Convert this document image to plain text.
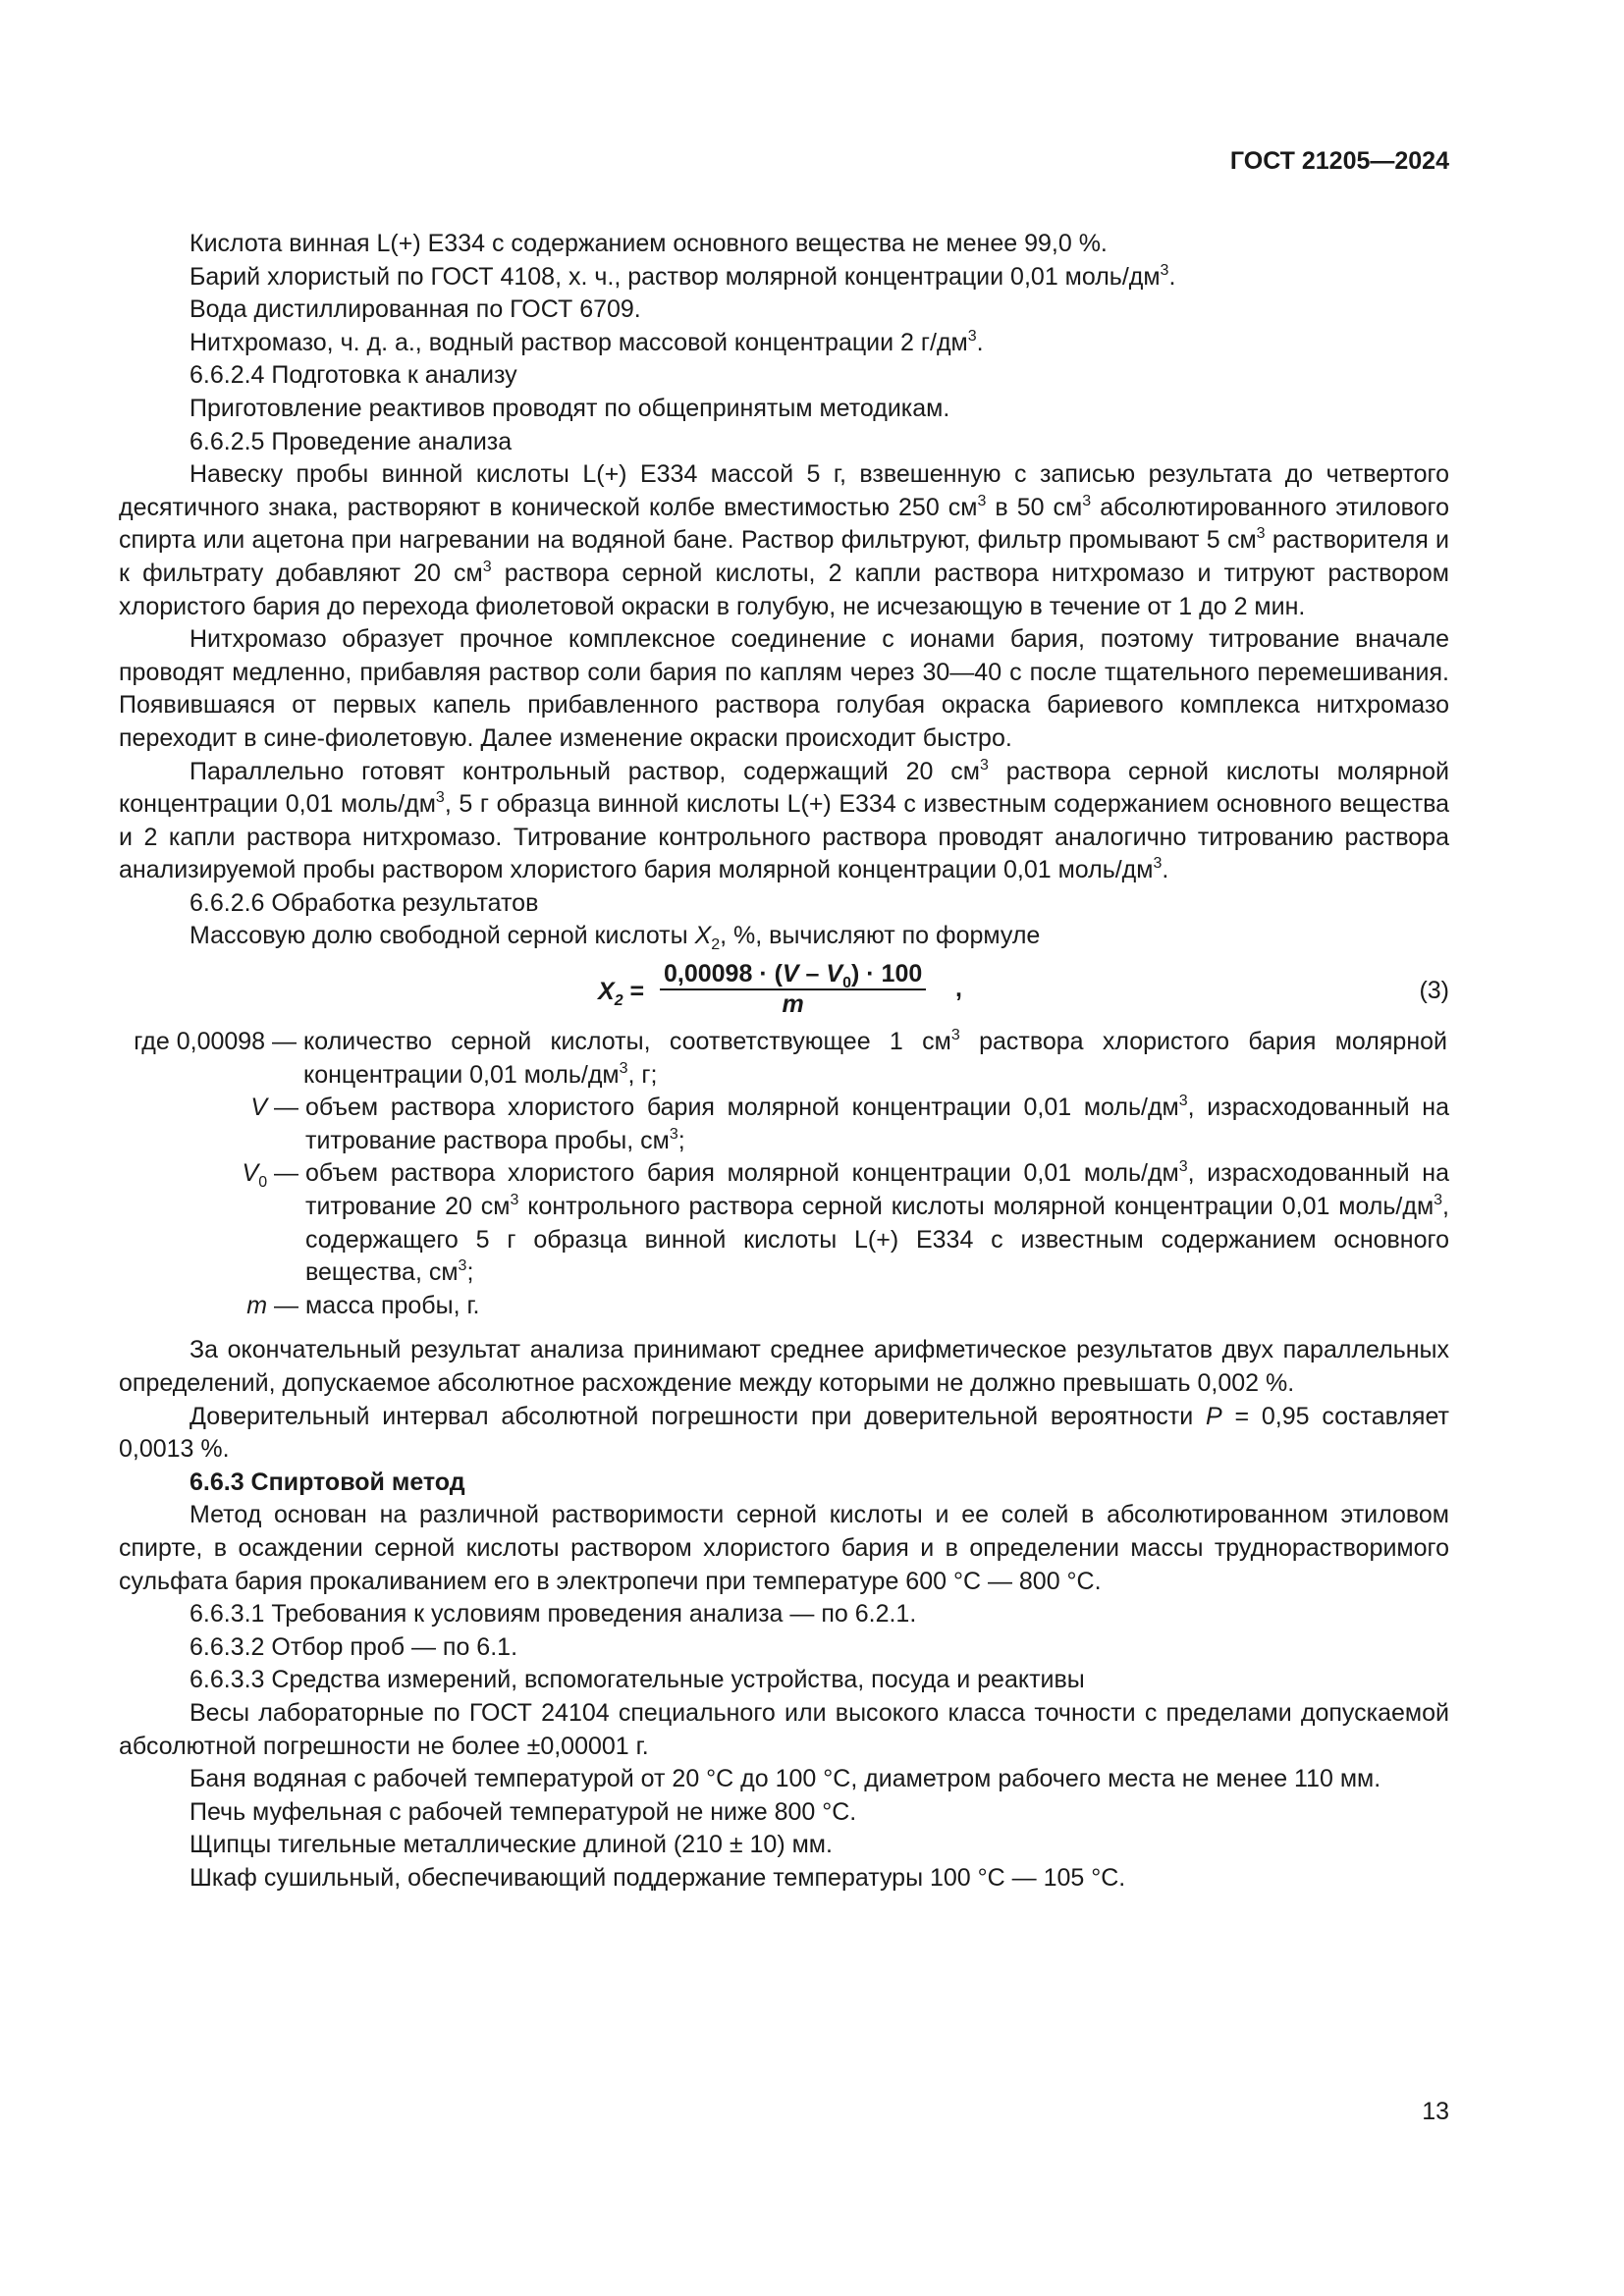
ГОСТ 21205—2024

Кислота винная L(+) Е334 с содержанием основного вещества не менее 99,0 %.

Барий хлористый по ГОСТ 4108, х. ч., раствор молярной концентрации 0,01 моль/$дм^3$.

Вода дистиллированная по ГОСТ 6709.

Нитхромазо, ч. д. а., водный раствор массовой концентрации 2 $г/дм^3$.

6.6.2.4 Подготовка к анализу

Приготовление реактивов проводят по общепринятым методикам.

6.6.2.5 Проведение анализа

Навеску пробы винной кислоты L(+) Е334 массой 5 г, взвешенную с записью результата до четвертого десятичного знака, растворяют в конической колбе вместимостью 250 $см^3$ в 50 $см^3$ абсолютированного этилового спирта или ацетона при нагревании на водяной бане. Раствор фильтруют, фильтр промывают 5 $см^3$ растворителя и к фильтрату добавляют 20 $см^3$ раствора серной кислоты, 2 капли раствора нитхромазо и титруют раствором хлористого бария до перехода фиолетовой окраски в голубую, не исчезающую в течение от 1 до 2 мин.

Нитхромазо образует прочное комплексное соединение с ионами бария, поэтому титрование вначале проводят медленно, прибавляя раствор соли бария по каплям через 30—40 с после тщательного перемешивания. Появившаяся от первых капель прибавленного раствора голубая окраска бариевого комплекса нитхромазо переходит в сине-фиолетовую. Далее изменение окраски происходит быстро.

Параллельно готовят контрольный раствор, содержащий 20 $см^3$ раствора серной кислоты молярной концентрации 0,01 моль/$дм^3$, 5 г образца винной кислоты L(+) Е334 с известным содержанием основного вещества и 2 капли раствора нитхромазо. Титрование контрольного раствора проводят аналогично титрованию раствора анализируемой пробы раствором хлористого бария молярной концентрации 0,01 моль/$дм^3$.

6.6.2.6 Обработка результатов

Массовую долю свободной серной кислоты $X_2$, %, вычисляют по формуле

$X_2 = \frac{0,00098 \cdot (V - V_0) \cdot 100}{m}$ ,	(3)
где 0,00098 — количество серной кислоты, соответствующее 1 $см^3$ раствора хлористого бария молярной концентрации 0,01 моль/$дм^3$, г;
V — объем раствора хлористого бария молярной концентрации 0,01 моль/$дм^3$, израсходованный на титрование раствора пробы, $см^3$;
$V_0$ — объем раствора хлористого бария молярной концентрации 0,01 моль/$дм^3$, израсходованный на титрование 20 $см^3$ контрольного раствора серной кислоты молярной концентрации 0,01 моль/$дм^3$, содержащего 5 г образца винной кислоты L(+) Е334 с известным содержанием основного вещества, $см^3$;
m — масса пробы, г.

За окончательный результат анализа принимают среднее арифметическое результатов двух параллельных определений, допускаемое абсолютное расхождение между которыми не должно превышать 0,002 %.

Доверительный интервал абсолютной погрешности при доверительной вероятности P = 0,95 составляет 0,0013 %.

6.6.3 Спиртовой метод

Метод основан на различной растворимости серной кислоты и ее солей в абсолютированном этиловом спирте, в осаждении серной кислоты раствором хлористого бария и в определении массы труднорастворимого сульфата бария прокаливанием его в электропечи при температуре 600 °С — 800 °С.

6.6.3.1 Требования к условиям проведения анализа — по 6.2.1.

6.6.3.2 Отбор проб — по 6.1.

6.6.3.3 Средства измерений, вспомогательные устройства, посуда и реактивы

Весы лабораторные по ГОСТ 24104 специального или высокого класса точности с пределами допускаемой абсолютной погрешности не более ±0,00001 г.

Баня водяная с рабочей температурой от 20 °С до 100 °С, диаметром рабочего места не менее 110 мм.

Печь муфельная с рабочей температурой не ниже 800 °С.

Щипцы тигельные металлические длиной (210 ± 10) мм.

Шкаф сушильный, обеспечивающий поддержание температуры 100 °С — 105 °С.

13
